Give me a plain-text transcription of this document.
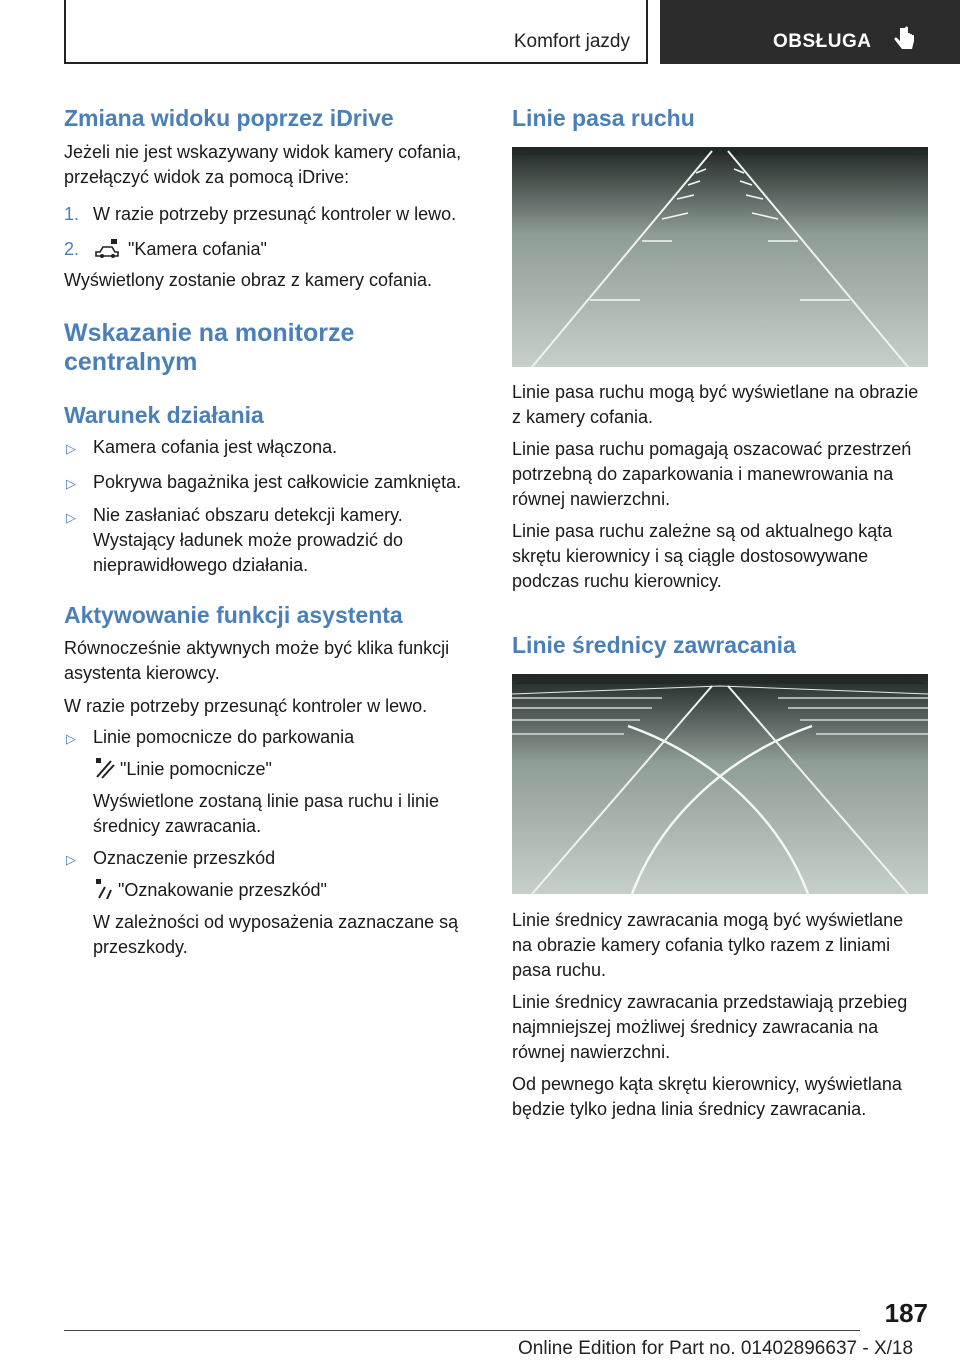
Komfort jazdy	OBSŁUGA
Zmiana widoku poprzez iDrive

Jeżeli nie jest wskazywany widok kamery cofania, przełączyć widok za pomocą iDrive:

1. W razie potrzeby przesunąć kontroler w lewo.

2.	"Kamera cofania"

Wyświetlony zostanie obraz z kamery cofania.

Wskazanie na monitorze
centralnym
Warunek działania
▷ Kamera cofania jest włączona.

▷ Pokrywa bagażnika jest całkowicie zamknięta.

▷ Nie zasłaniać obszaru detekcji kamery. Wystający ładunek może prowadzić do nieprawidłowego działania.

Aktywowanie funkcji asystenta

Równocześnie aktywnych może być klika funkcji asystenta kierowcy.

W razie potrzeby przesunąć kontroler w lewo.

▷ Linie pomocnicze do parkowania

"Linie pomocnicze"

Wyświetlone zostaną linie pasa ruchu i linie średnicy zawracania.

▷ Oznaczenie przeszkód

"Oznakowanie przeszkód"

W zależności od wyposażenia zaznaczane są przeszkody.

Linie pasa ruchu

Linie pasa ruchu mogą być wyświetlane na obrazie z kamery cofania.

Linie pasa ruchu pomagają oszacować przestrzeń potrzebną do zaparkowania i manewrowania na równej nawierzchni.

Linie pasa ruchu zależne są od aktualnego kąta skrętu kierownicy i są ciągle dostosowywane podczas ruchu kierownicy.

Linie średnicy zawracania

Linie średnicy zawracania mogą być wyświetlane na obrazie kamery cofania tylko razem z liniami pasa ruchu.

Linie średnicy zawracania przedstawiają przebieg najmniejszej możliwej średnicy zawracania na równej nawierzchni.

Od pewnego kąta skrętu kierownicy, wyświetlana będzie tylko jedna linia średnicy zawracania.

187
Online Edition for Part no. 01402896637 - X/18
